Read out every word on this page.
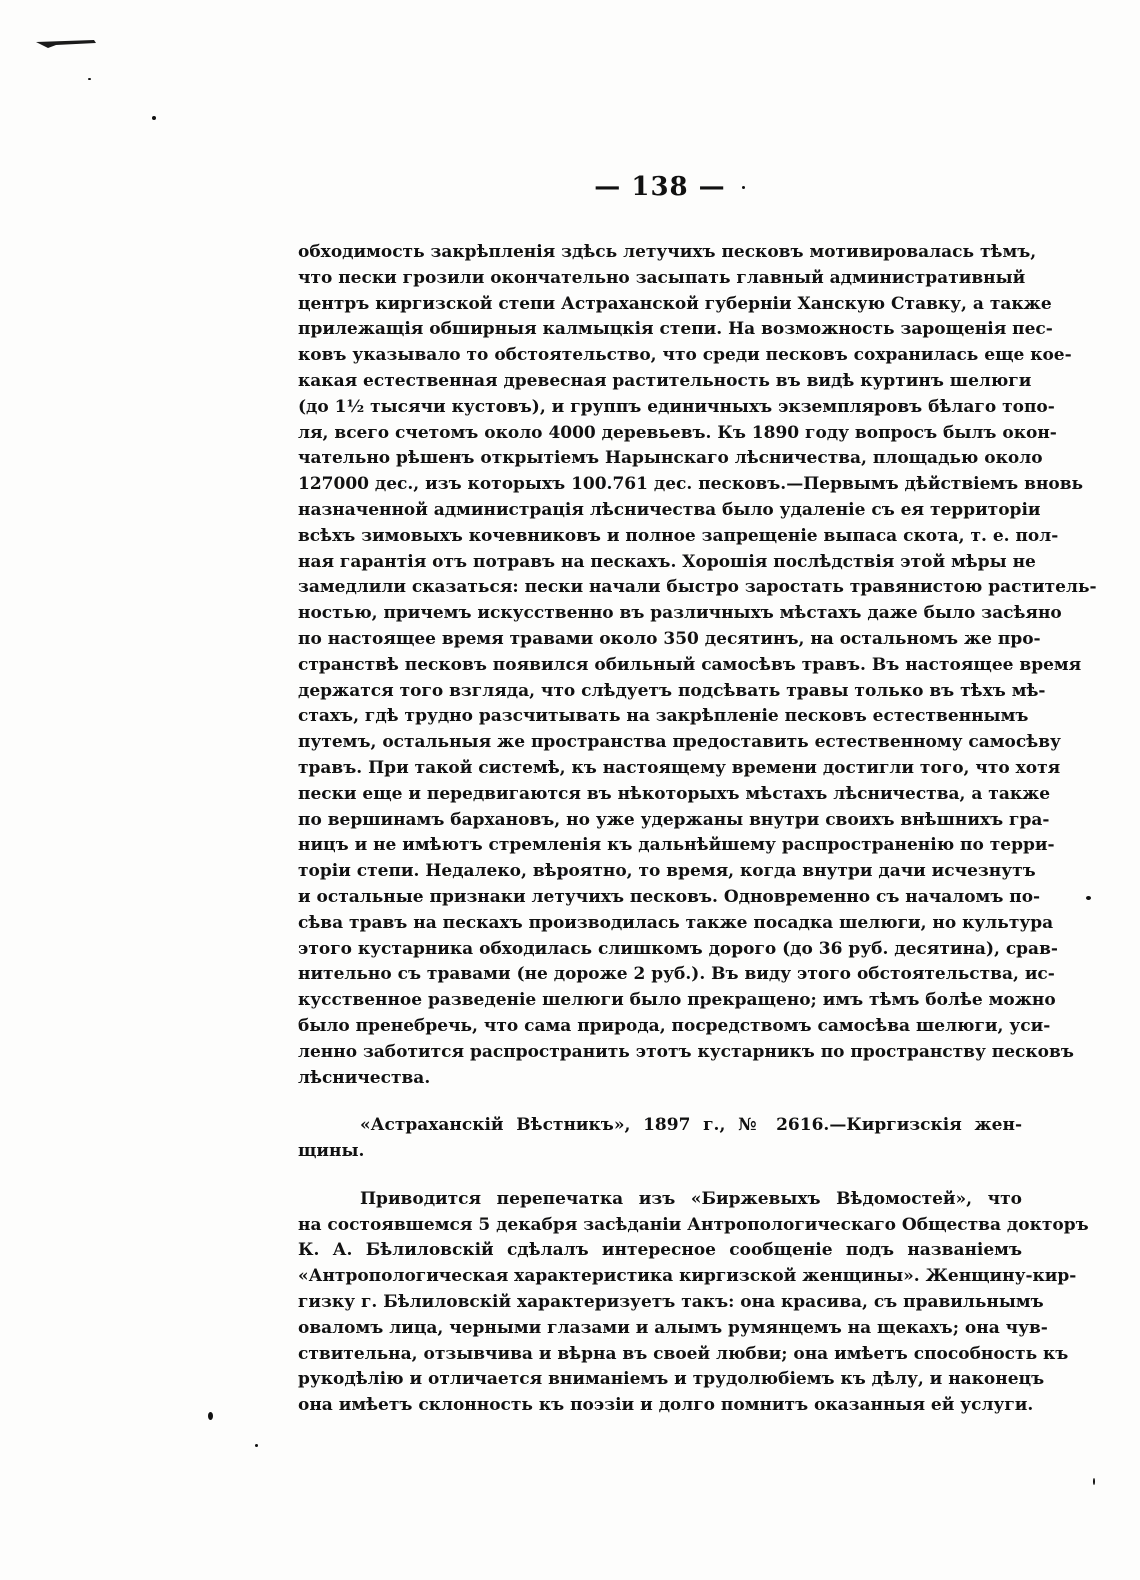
— 138 —
обходимость закрѣпленія здѣсь летучихъ песковъ мотивировалась тѣмъ,
что пески грозили окончательно засыпать главный административный
центръ киргизской степи Астраханской губерніи Ханскую Ставку, а также
прилежащія обширныя калмыцкія степи. На возможность зарощенія пес-
ковъ указывало то обстоятельство, что среди песковъ сохранилась еще кое-
какая естественная древесная растительность въ видѣ куртинъ шелюги
(до 1½ тысячи кустовъ), и группъ единичныхъ экземпляровъ бѣлаго топо-
ля, всего счетомъ около 4000 деревьевъ. Къ 1890 году вопросъ былъ окон-
чательно рѣшенъ открытіемъ Нарынскаго лѣсничества, площадью около
127000 дес., изъ которыхъ 100.761 дес. песковъ.—Первымъ дѣйствіемъ вновь
назначенной администрація лѣсничества было удаленіе съ ея территоріи
всѣхъ зимовыхъ кочевниковъ и полное запрещеніе выпаса скота, т. е. пол-
ная гарантія отъ потравъ на пескахъ. Хорошія послѣдствія этой мѣры не
замедлили сказаться: пески начали быстро заростать травянистою раститель-
ностью, причемъ искусственно въ различныхъ мѣстахъ даже было засѣяно
по настоящее время травами около 350 десятинъ, на остальномъ же про-
странствѣ песковъ появился обильный самосѣвъ травъ. Въ настоящее время
держатся того взгляда, что слѣдуетъ подсѣвать травы только въ тѣхъ мѣ-
стахъ, гдѣ трудно разсчитывать на закрѣпленіе песковъ естественнымъ
путемъ, остальныя же пространства предоставить естественному самосѣву
травъ. При такой системѣ, къ настоящему времени достигли того, что хотя
пески еще и передвигаются въ нѣкоторыхъ мѣстахъ лѣсничества, а также
по вершинамъ бархановъ, но уже удержаны внутри своихъ внѣшнихъ гра-
ницъ и не имѣютъ стремленія къ дальнѣйшему распространенію по терри-
торіи степи. Недалеко, вѣроятно, то время, когда внутри дачи исчезнутъ
и остальные признаки летучихъ песковъ. Одновременно съ началомъ по-
сѣва травъ на пескахъ производилась также посадка шелюги, но культура
этого кустарника обходилась слишкомъ дорого (до 36 руб. десятина), срав-
нительно съ травами (не дороже 2 руб.). Въ виду этого обстоятельства, ис-
кусственное разведеніе шелюги было прекращено; имъ тѣмъ болѣе можно
было пренебречь, что сама природа, посредствомъ самосѣва шелюги, уси-
ленно заботится распространить этотъ кустарникъ по пространству песковъ
лѣсничества.
«Астраханскій Вѣстникъ», 1897 г., № 2616.—Киргизскія жен-
щины.
Приводится перепечатка изъ «Биржевыхъ Вѣдомостей», что
на состоявшемся 5 декабря засѣданіи Антропологическаго Общества докторъ
К. А. Бѣлиловскій сдѣлалъ интересное сообщеніе подъ названіемъ
«Антропологическая характеристика киргизской женщины». Женщину-кир-
гизку г. Бѣлиловскій характеризуетъ такъ: она красива, съ правильнымъ
оваломъ лица, черными глазами и алымъ румянцемъ на щекахъ; она чув-
ствительна, отзывчива и вѣрна въ своей любви; она имѣетъ способность къ
рукодѣлію и отличается вниманіемъ и трудолюбіемъ къ дѣлу, и наконецъ
она имѣетъ склонность къ поэзіи и долго помнитъ оказанныя ей услуги.
